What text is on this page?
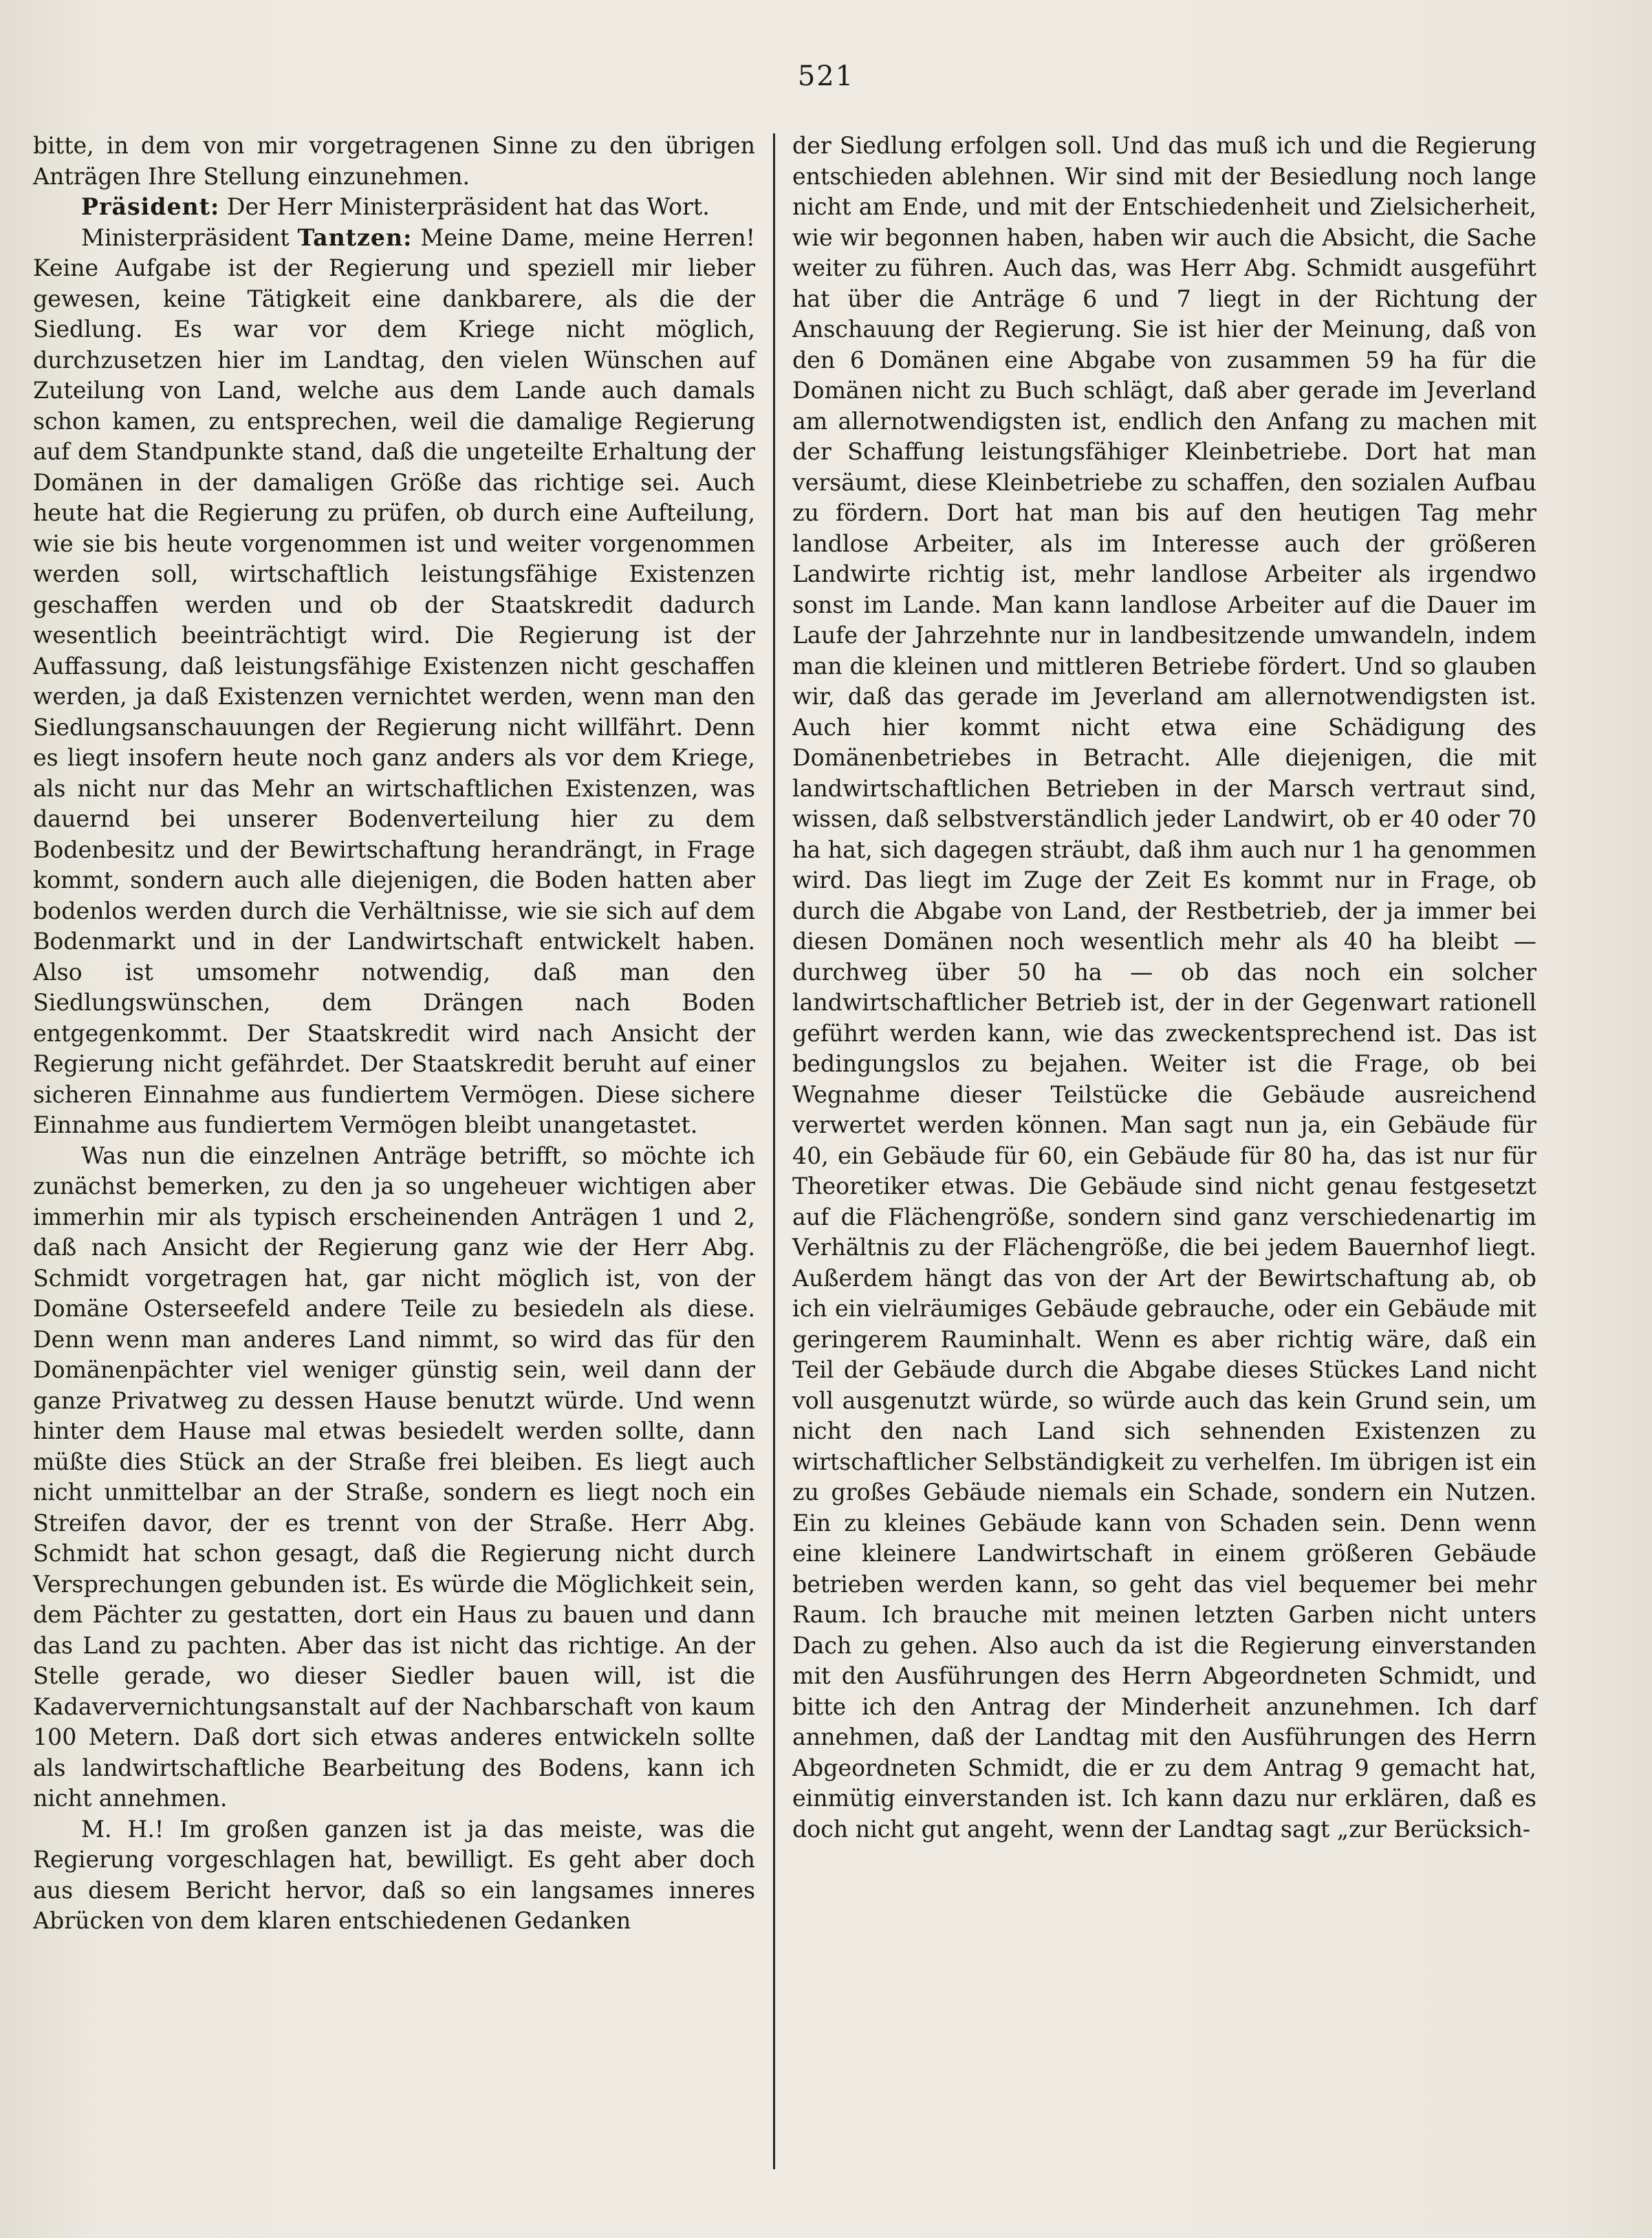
521

bitte, in dem von mir vorgetragenen Sinne zu den übrigen Anträgen Ihre Stellung einzunehmen.

Präsident: Der Herr Ministerpräsident hat das Wort.

Ministerpräsident Tantzen: Meine Dame, meine Herren! Keine Aufgabe ist der Regierung und speziell mir lieber gewesen, keine Tätigkeit eine dankbarere, als die der Siedlung. Es war vor dem Kriege nicht möglich, durchzusetzen hier im Landtag, den vielen Wünschen auf Zuteilung von Land, welche aus dem Lande auch damals schon kamen, zu entsprechen, weil die damalige Regierung auf dem Standpunkte stand, daß die ungeteilte Erhaltung der Domänen in der damaligen Größe das richtige sei. Auch heute hat die Regierung zu prüfen, ob durch eine Aufteilung, wie sie bis heute vorgenommen ist und weiter vorgenommen werden soll, wirtschaftlich leistungsfähige Existenzen geschaffen werden und ob der Staatskredit dadurch wesentlich beeinträchtigt wird. Die Regierung ist der Auffassung, daß leistungsfähige Existenzen nicht geschaffen werden, ja daß Existenzen vernichtet werden, wenn man den Siedlungsanschauungen der Regierung nicht willfährt. Denn es liegt insofern heute noch ganz anders als vor dem Kriege, als nicht nur das Mehr an wirtschaftlichen Existenzen, was dauernd bei unserer Bodenverteilung hier zu dem Bodenbesitz und der Bewirtschaftung herandrängt, in Frage kommt, sondern auch alle diejenigen, die Boden hatten aber bodenlos werden durch die Verhältnisse, wie sie sich auf dem Bodenmarkt und in der Landwirtschaft entwickelt haben. Also ist umsomehr notwendig, daß man den Siedlungswünschen, dem Drängen nach Boden entgegenkommt. Der Staatskredit wird nach Ansicht der Regierung nicht gefährdet. Der Staatskredit beruht auf einer sicheren Einnahme aus fundiertem Vermögen. Diese sichere Einnahme aus fundiertem Vermögen bleibt unangetastet.

Was nun die einzelnen Anträge betrifft, so möchte ich zunächst bemerken, zu den ja so ungeheuer wichtigen aber immerhin mir als typisch erscheinenden Anträgen 1 und 2, daß nach Ansicht der Regierung ganz wie der Herr Abg. Schmidt vorgetragen hat, gar nicht möglich ist, von der Domäne Osterseefeld andere Teile zu besiedeln als diese. Denn wenn man anderes Land nimmt, so wird das für den Domänenpächter viel weniger günstig sein, weil dann der ganze Privatweg zu dessen Hause benutzt würde. Und wenn hinter dem Hause mal etwas besiedelt werden sollte, dann müßte dies Stück an der Straße frei bleiben. Es liegt auch nicht unmittelbar an der Straße, sondern es liegt noch ein Streifen davor, der es trennt von der Straße. Herr Abg. Schmidt hat schon gesagt, daß die Regierung nicht durch Versprechungen gebunden ist. Es würde die Möglichkeit sein, dem Pächter zu gestatten, dort ein Haus zu bauen und dann das Land zu pachten. Aber das ist nicht das richtige. An der Stelle gerade, wo dieser Siedler bauen will, ist die Kadaververnichtungsanstalt auf der Nachbarschaft von kaum 100 Metern. Daß dort sich etwas anderes entwickeln sollte als landwirtschaftliche Bearbeitung des Bodens, kann ich nicht annehmen.

M. H.! Im großen ganzen ist ja das meiste, was die Regierung vorgeschlagen hat, bewilligt. Es geht aber doch aus diesem Bericht hervor, daß so ein langsames inneres Abrücken von dem klaren entschiedenen Gedanken

der Siedlung erfolgen soll. Und das muß ich und die Regierung entschieden ablehnen. Wir sind mit der Besiedlung noch lange nicht am Ende, und mit der Entschiedenheit und Zielsicherheit, wie wir begonnen haben, haben wir auch die Absicht, die Sache weiter zu führen. Auch das, was Herr Abg. Schmidt ausgeführt hat über die Anträge 6 und 7 liegt in der Richtung der Anschauung der Regierung. Sie ist hier der Meinung, daß von den 6 Domänen eine Abgabe von zusammen 59 ha für die Domänen nicht zu Buch schlägt, daß aber gerade im Jeverland am allernotwendigsten ist, endlich den Anfang zu machen mit der Schaffung leistungsfähiger Kleinbetriebe. Dort hat man versäumt, diese Kleinbetriebe zu schaffen, den sozialen Aufbau zu fördern. Dort hat man bis auf den heutigen Tag mehr landlose Arbeiter, als im Interesse auch der größeren Landwirte richtig ist, mehr landlose Arbeiter als irgendwo sonst im Lande. Man kann landlose Arbeiter auf die Dauer im Laufe der Jahrzehnte nur in landbesitzende umwandeln, indem man die kleinen und mittleren Betriebe fördert. Und so glauben wir, daß das gerade im Jeverland am allernotwendigsten ist. Auch hier kommt nicht etwa eine Schädigung des Domänenbetriebes in Betracht. Alle diejenigen, die mit landwirtschaftlichen Betrieben in der Marsch vertraut sind, wissen, daß selbstverständlich jeder Landwirt, ob er 40 oder 70 ha hat, sich dagegen sträubt, daß ihm auch nur 1 ha genommen wird. Das liegt im Zuge der Zeit Es kommt nur in Frage, ob durch die Abgabe von Land, der Restbetrieb, der ja immer bei diesen Domänen noch wesentlich mehr als 40 ha bleibt — durchweg über 50 ha — ob das noch ein solcher landwirtschaftlicher Betrieb ist, der in der Gegenwart rationell geführt werden kann, wie das zweckentsprechend ist. Das ist bedingungslos zu bejahen. Weiter ist die Frage, ob bei Wegnahme dieser Teilstücke die Gebäude ausreichend verwertet werden können. Man sagt nun ja, ein Gebäude für 40, ein Gebäude für 60, ein Gebäude für 80 ha, das ist nur für Theoretiker etwas. Die Gebäude sind nicht genau festgesetzt auf die Flächengröße, sondern sind ganz verschiedenartig im Verhältnis zu der Flächengröße, die bei jedem Bauernhof liegt. Außerdem hängt das von der Art der Bewirtschaftung ab, ob ich ein vielräumiges Gebäude gebrauche, oder ein Gebäude mit geringerem Rauminhalt. Wenn es aber richtig wäre, daß ein Teil der Gebäude durch die Abgabe dieses Stückes Land nicht voll ausgenutzt würde, so würde auch das kein Grund sein, um nicht den nach Land sich sehnenden Existenzen zu wirtschaftlicher Selbständigkeit zu verhelfen. Im übrigen ist ein zu großes Gebäude niemals ein Schade, sondern ein Nutzen. Ein zu kleines Gebäude kann von Schaden sein. Denn wenn eine kleinere Landwirtschaft in einem größeren Gebäude betrieben werden kann, so geht das viel bequemer bei mehr Raum. Ich brauche mit meinen letzten Garben nicht unters Dach zu gehen. Also auch da ist die Regierung einverstanden mit den Ausführungen des Herrn Abgeordneten Schmidt, und bitte ich den Antrag der Minderheit anzunehmen. Ich darf annehmen, daß der Landtag mit den Ausführungen des Herrn Abgeordneten Schmidt, die er zu dem Antrag 9 gemacht hat, einmütig einverstanden ist. Ich kann dazu nur erklären, daß es doch nicht gut angeht, wenn der Landtag sagt „zur Berücksich-
